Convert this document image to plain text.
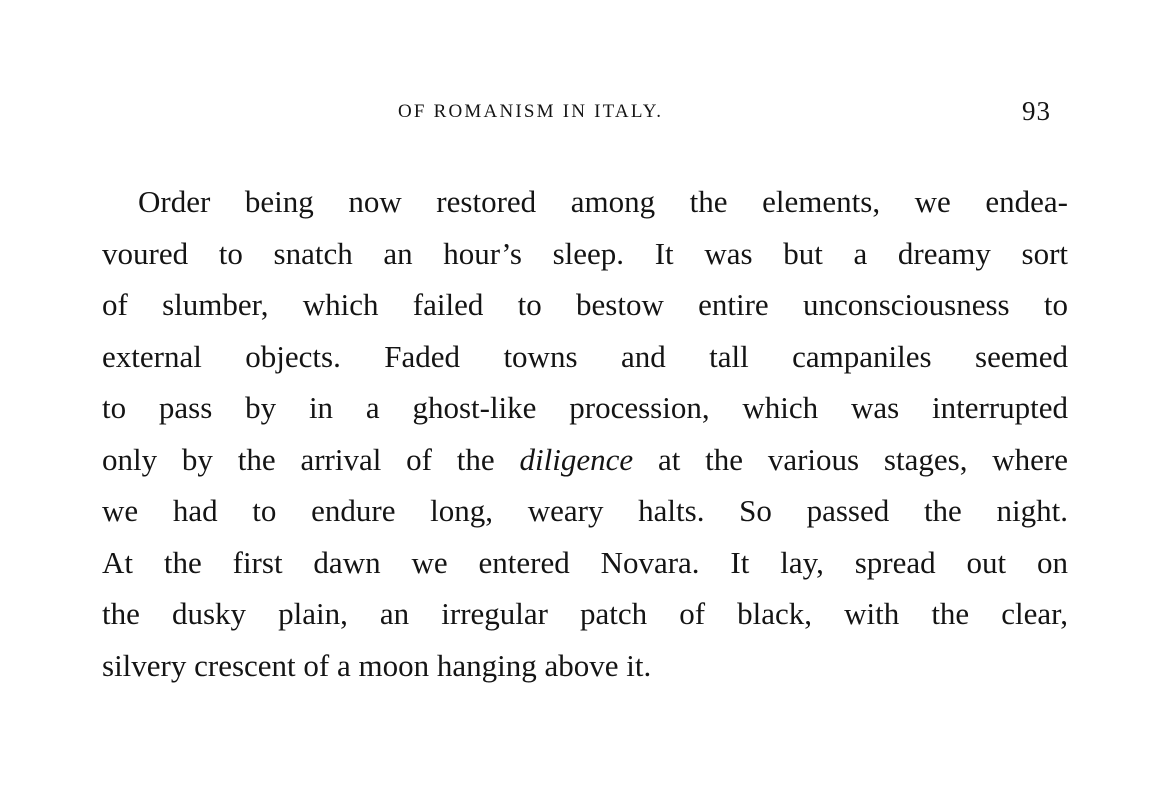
OF ROMANISM IN ITALY.	93
Order being now restored among the elements, we endea-
voured to snatch an hour’s sleep. It was but a dreamy sort
of slumber, which failed to bestow entire unconsciousness to
external objects. Faded towns and tall campaniles seemed
to pass by in a ghost-like procession, which was interrupted
only by the arrival of the diligence at the various stages, where
we had to endure long, weary halts. So passed the night.
At the first dawn we entered Novara. It lay, spread out on
the dusky plain, an irregular patch of black, with the clear,
silvery crescent of a moon hanging above it.
